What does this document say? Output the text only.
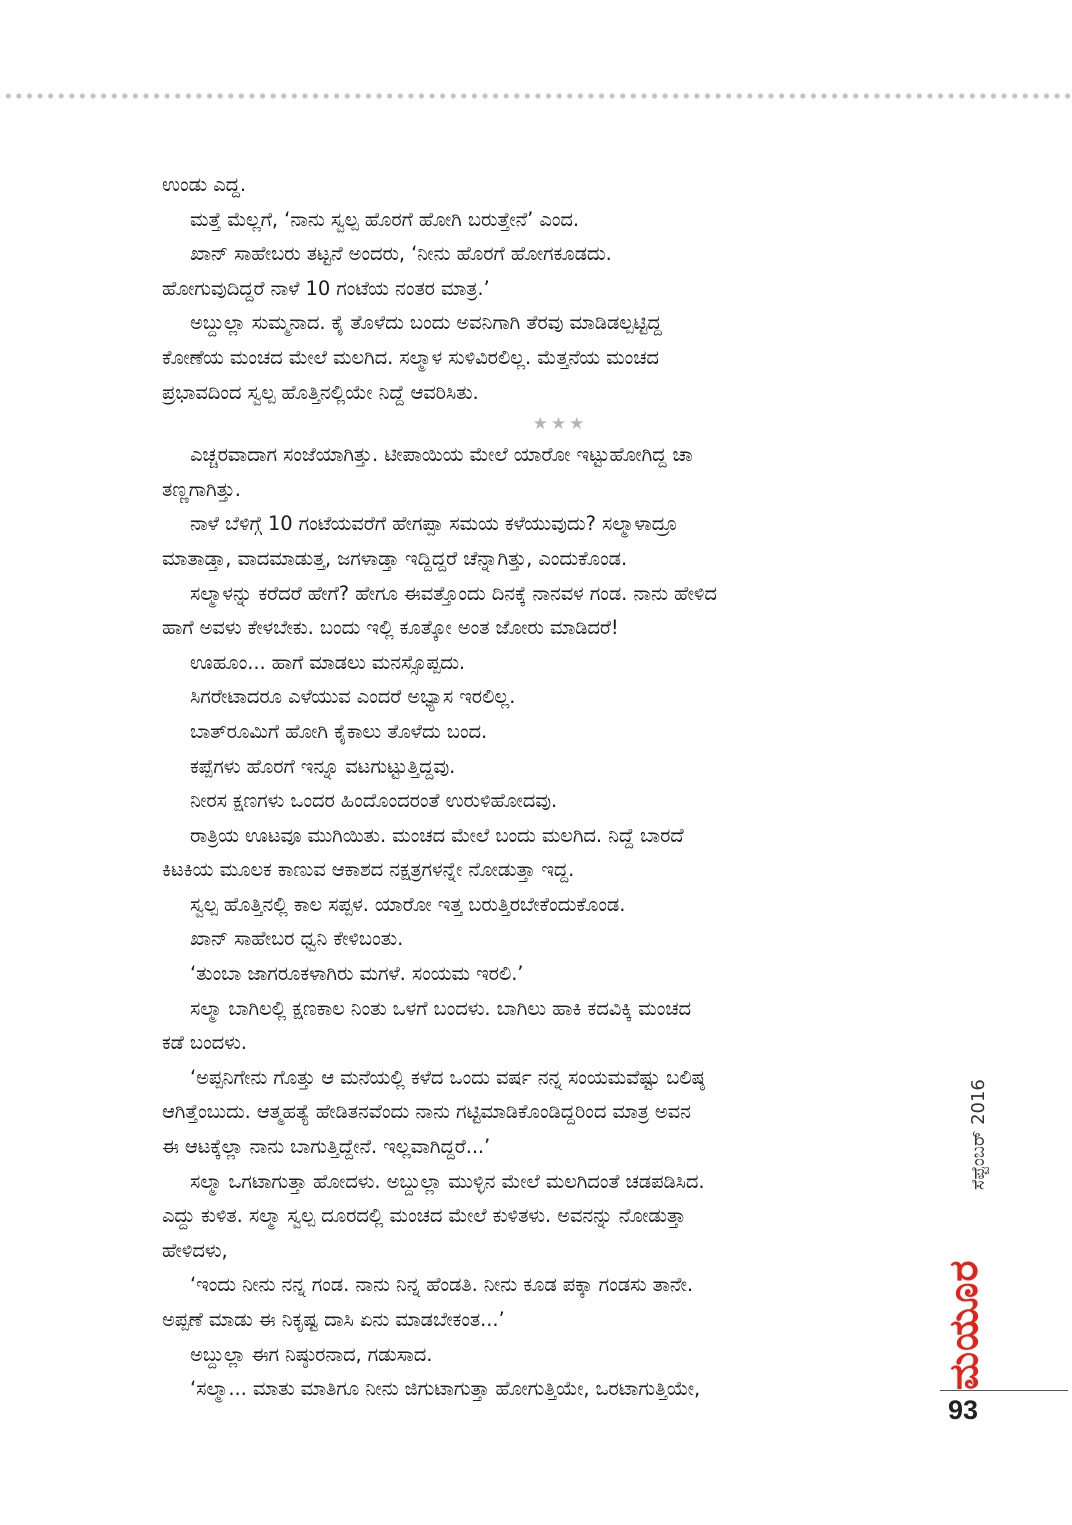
ಉಂಡು ಎದ್ದ.
ಮತ್ತೆ ಮೆಲ್ಲಗೆ, ‘ನಾನು ಸ್ವಲ್ಪ ಹೊರಗೆ ಹೋಗಿ ಬರುತ್ತೇನೆ’ ಎಂದ.
ಖಾನ್ ಸಾಹೇಬರು ತಟ್ಟನೆ ಅಂದರು, ‘ನೀನು ಹೊರಗೆ ಹೋಗಕೂಡದು.
ಹೋಗುವುದಿದ್ದರೆ ನಾಳೆ 10 ಗಂಟೆಯ ನಂತರ ಮಾತ್ರ.’
ಅಬ್ದುಲ್ಲಾ ಸುಮ್ಮನಾದ. ಕೈ ತೊಳೆದು ಬಂದು ಅವನಿಗಾಗಿ ತೆರವು ಮಾಡಿಡಲ್ಪಟ್ಟಿದ್ದ
ಕೋಣೆಯ ಮಂಚದ ಮೇಲೆ ಮಲಗಿದ. ಸಲ್ಮಾಳ ಸುಳಿವಿರಲಿಲ್ಲ. ಮೆತ್ತನೆಯ ಮಂಚದ
ಪ್ರಭಾವದಿಂದ ಸ್ವಲ್ಪ ಹೊತ್ತಿನಲ್ಲಿಯೇ ನಿದ್ದೆ ಆವರಿಸಿತು.
★★★
ಎಚ್ಚರವಾದಾಗ ಸಂಜೆಯಾಗಿತ್ತು. ಟೀಪಾಯಿಯ ಮೇಲೆ ಯಾರೋ ಇಟ್ಟುಹೋಗಿದ್ದ ಚಾ
ತಣ್ಣಗಾಗಿತ್ತು.
ನಾಳೆ ಬೆಳಿಗ್ಗೆ 10 ಗಂಟೆಯವರೆಗೆ ಹೇಗಪ್ಪಾ ಸಮಯ ಕಳೆಯುವುದು? ಸಲ್ಮಾಳಾದ್ರೂ
ಮಾತಾಡ್ತಾ, ವಾದಮಾಡುತ್ತ, ಜಗಳಾಡ್ತಾ ಇದ್ದಿದ್ದರೆ ಚೆನ್ನಾಗಿತ್ತು, ಎಂದುಕೊಂಡ.
ಸಲ್ಮಾಳನ್ನು ಕರೆದರೆ ಹೇಗೆ? ಹೇಗೂ ಈವತ್ತೊಂದು ದಿನಕ್ಕೆ ನಾನವಳ ಗಂಡ. ನಾನು ಹೇಳಿದ
ಹಾಗೆ ಅವಳು ಕೇಳಬೇಕು. ಬಂದು ಇಲ್ಲಿ ಕೂತ್ಕೋ ಅಂತ ಜೋರು ಮಾಡಿದರೆ!
ಊಹೂಂ... ಹಾಗೆ ಮಾಡಲು ಮನಸ್ಸೊಪ್ಪದು.
ಸಿಗರೇಟಾದರೂ ಎಳೆಯುವ ಎಂದರೆ ಅಭ್ಯಾಸ ಇರಲಿಲ್ಲ.
ಬಾತ್‌ರೂಮಿಗೆ ಹೋಗಿ ಕೈಕಾಲು ತೊಳೆದು ಬಂದ.
ಕಪ್ಪೆಗಳು ಹೊರಗೆ ಇನ್ನೂ ವಟಗುಟ್ಟುತ್ತಿದ್ದವು.
ನೀರಸ ಕ್ಷಣಗಳು ಒಂದರ ಹಿಂದೊಂದರಂತೆ ಉರುಳಿಹೋದವು.
ರಾತ್ರಿಯ ಊಟವೂ ಮುಗಿಯಿತು. ಮಂಚದ ಮೇಲೆ ಬಂದು ಮಲಗಿದ. ನಿದ್ದೆ ಬಾರದೆ
ಕಿಟಕಿಯ ಮೂಲಕ ಕಾಣುವ ಆಕಾಶದ ನಕ್ಷತ್ರಗಳನ್ನೇ ನೋಡುತ್ತಾ ಇದ್ದ.
ಸ್ವಲ್ಪ ಹೊತ್ತಿನಲ್ಲಿ ಕಾಲ ಸಪ್ಪಳ. ಯಾರೋ ಇತ್ತ ಬರುತ್ತಿರಬೇಕೆಂದುಕೊಂಡ.
ಖಾನ್ ಸಾಹೇಬರ ಧ್ವನಿ ಕೇಳಿಬಂತು.
‘ತುಂಬಾ ಜಾಗರೂಕಳಾಗಿರು ಮಗಳೆ. ಸಂಯಮ ಇರಲಿ.’
ಸಲ್ಮಾ ಬಾಗಿಲಲ್ಲಿ ಕ್ಷಣಕಾಲ ನಿಂತು ಒಳಗೆ ಬಂದಳು. ಬಾಗಿಲು ಹಾಕಿ ಕದವಿಕ್ಕಿ ಮಂಚದ
ಕಡೆ ಬಂದಳು.
‘ಅಪ್ಪನಿಗೇನು ಗೊತ್ತು ಆ ಮನೆಯಲ್ಲಿ ಕಳೆದ ಒಂದು ವರ್ಷ ನನ್ನ ಸಂಯಮವೆಷ್ಟು ಬಲಿಷ್ಠ
ಆಗಿತ್ತೆಂಬುದು. ಆತ್ಮಹತ್ಯೆ ಹೇಡಿತನವೆಂದು ನಾನು ಗಟ್ಟಿಮಾಡಿಕೊಂಡಿದ್ದರಿಂದ ಮಾತ್ರ ಅವನ
ಈ ಆಟಕ್ಕೆಲ್ಲಾ ನಾನು ಬಾಗುತ್ತಿದ್ದೇನೆ. ಇಲ್ಲವಾಗಿದ್ದರೆ...’
ಸಲ್ಮಾ ಒಗಟಾಗುತ್ತಾ ಹೋದಳು. ಅಬ್ದುಲ್ಲಾ ಮುಳ್ಳಿನ ಮೇಲೆ ಮಲಗಿದಂತೆ ಚಡಪಡಿಸಿದ.
ಎದ್ದು ಕುಳಿತ. ಸಲ್ಮಾ ಸ್ವಲ್ಪ ದೂರದಲ್ಲಿ ಮಂಚದ ಮೇಲೆ ಕುಳಿತಳು. ಅವನನ್ನು ನೋಡುತ್ತಾ
ಹೇಳಿದಳು,
‘ಇಂದು ನೀನು ನನ್ನ ಗಂಡ. ನಾನು ನಿನ್ನ ಹೆಂಡತಿ. ನೀನು ಕೂಡ ಪಕ್ಕಾ ಗಂಡಸು ತಾನೇ.
ಅಪ್ಪಣೆ ಮಾಡು ಈ ನಿಕೃಷ್ಟ ದಾಸಿ ಏನು ಮಾಡಬೇಕಂತ...’
ಅಬ್ದುಲ್ಲಾ ಈಗ ನಿಷ್ಠುರನಾದ, ಗಡುಸಾದ.
‘ಸಲ್ಮಾ... ಮಾತು ಮಾತಿಗೂ ನೀನು ಜಿಗುಟಾಗುತ್ತಾ ಹೋಗುತ್ತಿಯೇ, ಒರಟಾಗುತ್ತಿಯೇ,
ಸೆಪ್ಟೆಂಬರ್ 2016
ಮಯೂರ
93
